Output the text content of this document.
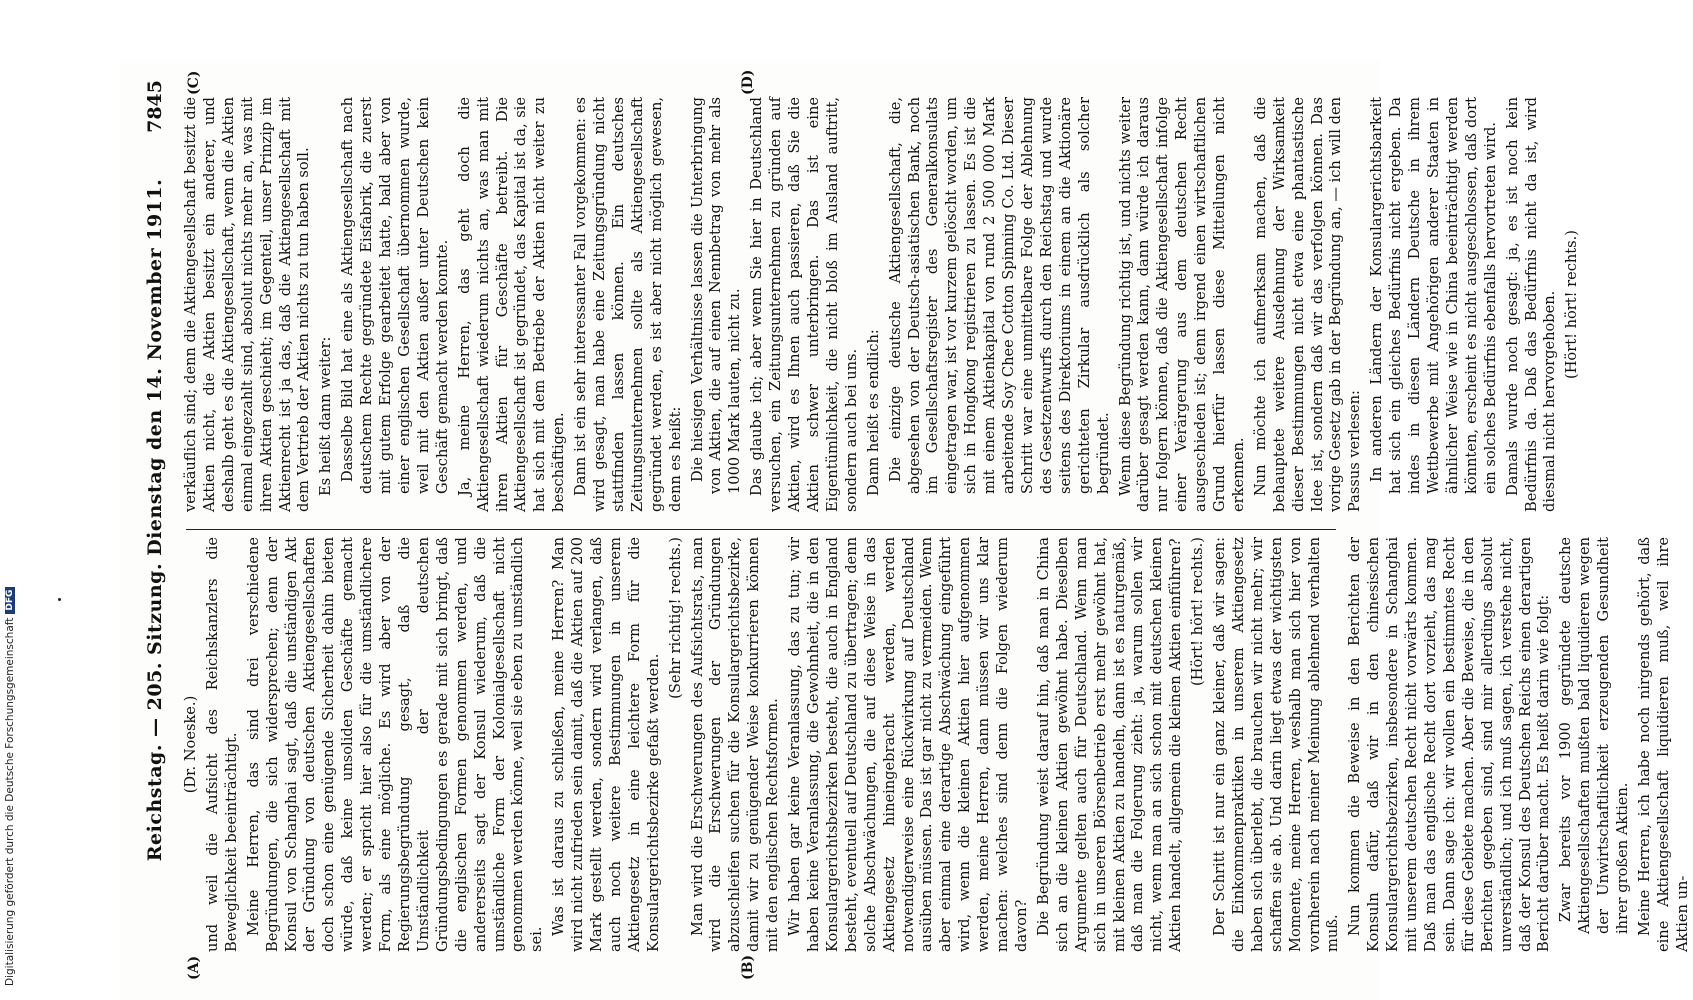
Reichstag. — 205. Sitzung. Dienstag den 14. November 1911.
7845
(A)	(B)
(C)	(D)

(Dr. Noeske.) und weil die Aufsicht des Reichskanzlers die Beweglichkeit beeinträchtigt. Meine Herren, das sind drei verschiedene Begründungen, die sich widersprechen; denn der Konsul von Schanghai sagt, daß die unständigen Akt der Gründung von deutschen Aktiengesellschaften doch schon eine genügende Sicherheit dahin bieten würde, daß keine unsoliden Geschäfte gemacht werden; er spricht hier also für die umständlichere Form, als eine mögliche. Es wird aber von der Regierungsbegründung gesagt, daß die Umständlichkeit der deutschen Gründungsbedingungen es gerade mit sich bringt, daß die englischen Formen genommen werden, und andererseits sagt der Konsul wiederum, daß die umständliche Form der Kolonialgesellschaft nicht genommen werden könne, weil sie eben zu umständlich sei.

Was ist daraus zu schließen, meine Herren? Man wird nicht zufrieden sein damit, daß die Aktien auf 200 Mark gestellt werden, sondern wird verlangen, daß auch noch weitere Bestimmungen in unserem Aktiengesetz in eine leichtere Form für die Konsulargerichtsbezirke gefaßt werden.

(Sehr richtig! rechts.) Man wird die Erschwerungen des Aufsichtsrats, man wird die Erschwerungen der Gründungen abzuschleifen suchen für die Konsulargerichtsbezirke, damit wir zu genügender Weise konkurrieren können mit den englischen Rechtsformen. Wir haben gar keine Veranlassung, das zu tun; wir haben keine Veranlassung, die Gewohnheit, die in den Konsulargerichtsbezirken besteht, die auch in England besteht, eventuell auf Deutschland zu übertragen; denn solche Abschwächungen, die auf diese Weise in das Aktiengesetz hineingebracht werden, werden notwendigerweise eine Rückwirkung auf Deutschland ausüben müssen. Das ist gar nicht zu vermeiden. Wenn aber einmal eine derartige Abschwächung eingeführt wird, wenn die kleinen Aktien hier aufgenommen werden, meine Herren, dann müssen wir uns klar machen: welches sind denn die Folgen wiederum davon? Die Begründung weist darauf hin, daß man in China sich an die kleinen Aktien gewöhnt habe. Dieselben Argumente gelten auch für Deutschland. Wenn man sich in unseren Börsenbetrieb erst mehr gewöhnt hat, mit kleinen Aktien zu handeln, dann ist es naturgemäß, daß man die Folgerung zieht: ja, warum sollen wir nicht, wenn man an sich schon mit deutschen kleinen Aktien handelt, allgemein die kleinen Aktien einführen? (Hört! hört! rechts.) Der Schritt ist nur ein ganz kleiner, daß wir sagen: die Einkommenpraktiken in unserem Aktiengesetz haben sich überlebt, die brauchen wir nicht mehr; wir schaffen sie ab. Und darin liegt etwas der wichtigsten Momente, meine Herren, weshalb man sich hier von vornherein nach meiner Meinung ablehnend verhalten muß. Nun kommen die Beweise in den Berichten der Konsuln dafür, daß wir in den chinesischen Konsulargerichtsbezirken, insbesondere in Schanghai mit unserem deutschen Recht nicht vorwärts kommen. Daß man das englische Recht dort vorzieht, das mag sein. Dann sage ich: wir wollen ein bestimmtes Recht für diese Gebiete machen. Aber die Beweise, die in den Berichten gegeben sind, sind mir allerdings absolut unverständlich; und ich muß sagen, ich verstehe nicht, daß der Konsul des Deutschen Reichs einen derartigen Bericht darüber macht. Es heißt darin wie folgt: Zwar bereits vor 1900 gegründete deutsche Aktiengesellschaften mußten bald liquidieren wegen der Unwirtschaftlichkeit erzeugenden Gesundheit ihrer großen Aktien. Meine Herren, ich habe noch nirgends gehört, daß eine Aktiengesellschaft liquidieren muß, weil ihre Aktien un-

verkäuflich sind; denn die Aktiengesellschaft besitzt die Aktien nicht, die Aktien besitzt ein anderer, und deshalb geht es die Aktiengesellschaft, wenn die Aktien einmal eingezahlt sind, absolut nichts mehr an, was mit ihren Aktien geschieht; im Gegenteil, unser Prinzip im Aktienrecht ist ja das, daß die Aktiengesellschaft mit dem Vertrieb der Aktien nichts zu tun haben soll. Es heißt dann weiter: Dasselbe Bild hat eine als Aktiengesellschaft nach deutschem Rechte gegründete Eisfabrik, die zuerst mit gutem Erfolge gearbeitet hatte, bald aber von einer englischen Gesellschaft übernommen wurde, weil mit den Aktien außer unter Deutschen kein Geschäft gemacht werden konnte. Ja, meine Herren, das geht doch die Aktiengesellschaft wiederum nichts an, was man mit ihren Aktien für Geschäfte betreibt. Die Aktiengesellschaft ist gegründet, das Kapital ist da, sie hat sich mit dem Betriebe der Aktien nicht weiter zu beschäftigen. Dann ist ein sehr interessanter Fall vorgekommen: es wird gesagt, man habe eine Zeitungsgründung nicht stattfinden lassen können. Ein deutsches Zeitungsunternehmen sollte als Aktiengesellschaft gegründet werden, es ist aber nicht möglich gewesen, denn es heißt: Die hiesigen Verhältnisse lassen die Unterbringung von Aktien, die auf einen Nennbetrag von mehr als 1000 Mark lauten, nicht zu. Das glaube ich; aber wenn Sie hier in Deutschland versuchen, ein Zeitungsunternehmen zu gründen auf Aktien, wird es Ihnen auch passieren, daß Sie die Aktien schwer unterbringen. Das ist eine Eigentümlichkeit, die nicht bloß im Ausland auftritt, sondern auch bei uns. Dann heißt es endlich: Die einzige deutsche Aktiengesellschaft, die, abgesehen von der Deutsch-asiatischen Bank, noch im Gesellschaftsregister des Generalkonsulats eingetragen war, ist vor kurzem gelöscht worden, um sich in Hongkong registrieren zu lassen. Es ist die mit einem Aktienkapital von rund 2 500 000 Mark arbeitende Soy Chee Cotton Spinning Co. Ltd. Dieser Schritt war eine unmittelbare Folge der Ablehnung des Gesetzentwurfs durch den Reichstag und wurde seitens des Direktoriums in einem an die Aktionäre gerichteten Zirkular ausdrücklich als solcher begründet. Wenn diese Begründung richtig ist, und nichts weiter darüber gesagt werden kann, dann würde ich daraus nur folgern können, daß die Aktiengesellschaft infolge einer Verärgerung aus dem deutschen Recht ausgeschieden ist; denn irgend einen wirtschaftlichen Grund hierfür lassen diese Mitteilungen nicht erkennen. Nun möchte ich aufmerksam machen, daß die behauptete weitere Ausdehnung der Wirksamkeit dieser Bestimmungen nicht etwa eine phantastische Idee ist, sondern daß wir das verfolgen können. Das vorige Gesetz gab in der Begründung an, — ich will den Passus verlesen: In anderen Ländern der Konsulargerichtsbarkeit hat sich ein gleiches Bedürfnis nicht ergeben. Da indes in diesen Ländern Deutsche in ihrem Wettbewerbe mit Angehörigen anderer Staaten in ähnlicher Weise wie in China beeinträchtigt werden könnten, erscheint es nicht ausgeschlossen, daß dort ein solches Bedürfnis ebenfalls hervortreten wird. Damals wurde noch gesagt: ja, es ist noch kein Bedürfnis da. Daß das Bedürfnis nicht da ist, wird diesmal nicht hervorgehoben. (Hört! hört! rechts.)

Digitalisierung gefördert durch die Deutsche ForschungsgemeinschaftDFG
